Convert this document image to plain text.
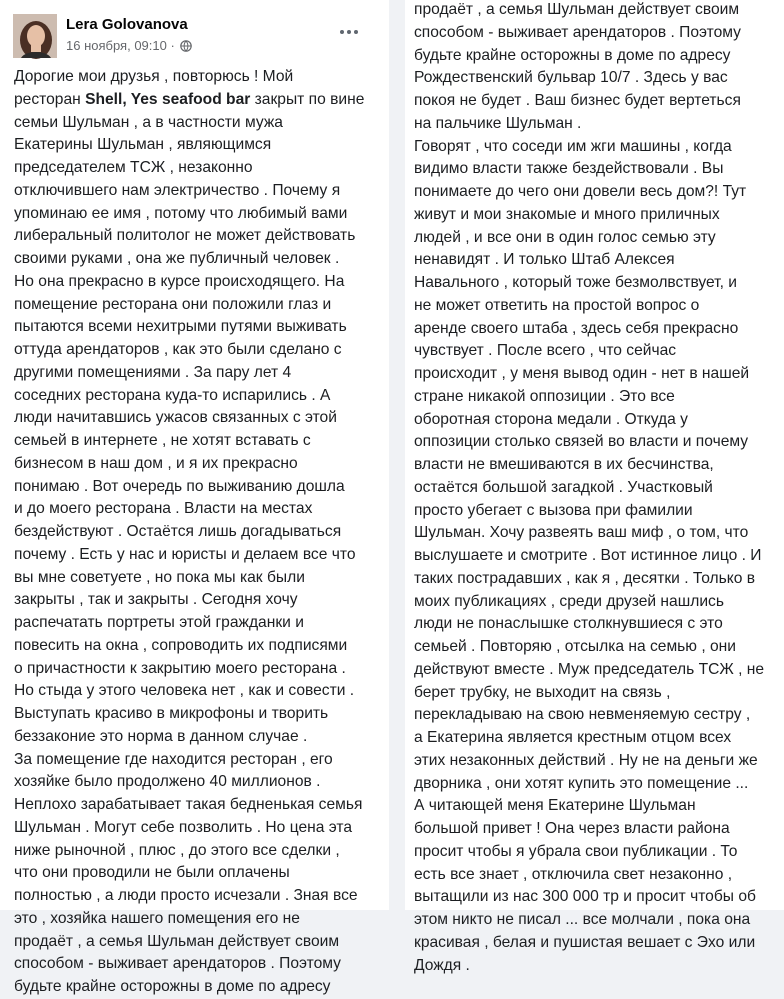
Lera Golovanova
16 ноября, 09:10 ·
Дорогие мои друзья , повторюсь ! Мой
ресторан Shell, Yes seafood bar закрыт по вине
семьи Шульман , а в частности мужа
Екатерины Шульман , являющимся
председателем ТСЖ , незаконно
отключившего нам электричество . Почему я
упоминаю ее имя , потому что любимый вами
либеральный политолог не может действовать
своими руками , она же публичный человек .
Но она прекрасно в курсе происходящего. На
помещение ресторана они положили глаз и
пытаются всеми нехитрыми путями выживать
оттуда арендаторов , как это были сделано с
другими помещениями . За пару лет 4
соседних ресторана куда-то испарились . А
люди начитавшись ужасов связанных с этой
семьей в интернете , не хотят вставать с
бизнесом в наш дом , и я их прекрасно
понимаю . Вот очередь по выживанию дошла
и до моего ресторана . Власти на местах
бездействуют . Остаётся лишь догадываться
почему . Есть у нас и юристы и делаем все что
вы мне советуете , но пока мы как были
закрыты , так и закрыты . Сегодня хочу
распечатать портреты этой гражданки и
повесить на окна , сопроводить их подписями
о причастности к закрытию моего ресторана .
Но стыда у этого человека нет , как и совести .
Выступать красиво в микрофоны и творить
беззаконие это норма в данном случае .
За помещение где находится ресторан , его
хозяйке было продолжено 40 миллионов .
Неплохо зарабатывает такая бедненькая семья
Шульман . Могут себе позволить . Но цена эта
ниже рыночной , плюс , до этого все сделки ,
что они проводили не были оплачены
полностью , а люди просто исчезали . Зная все
это , хозяйка нашего помещения его не
продаёт , а семья Шульман действует своим
способом - выживает арендаторов . Поэтому
будьте крайне осторожны в доме по адресу
продаёт , а семья Шульман действует своим
способом - выживает арендаторов . Поэтому
будьте крайне осторожны в доме по адресу
Рождественский бульвар 10/7 . Здесь у вас
покоя не будет . Ваш бизнес будет вертеться
на пальчике Шульман .
Говорят , что соседи им жги машины , когда
видимо власти также бездействовали . Вы
понимаете до чего они довели весь дом?! Тут
живут и мои знакомые и много приличных
людей , и все они в один голос семью эту
ненавидят . И только Штаб Алексея
Навального , который тоже безмолвствует, и
не может ответить на простой вопрос о
аренде своего штаба , здесь себя прекрасно
чувствует . После всего , что сейчас
происходит , у меня вывод один - нет в нашей
стране никакой оппозиции . Это все
оборотная сторона медали . Откуда у
оппозиции столько связей во власти и почему
власти не вмешиваются в их бесчинства,
остаётся большой загадкой . Участковый
просто убегает с вызова при фамилии
Шульман. Хочу развеять ваш миф , о том, что
выслушаете и смотрите . Вот истинное лицо . И
таких пострадавших , как я , десятки . Только в
моих публикациях , среди друзей нашлись
люди не понаслышке столкнувшиеся с это
семьей . Повторяю , отсылка на семью , они
действуют вместе . Муж председатель ТСЖ , не
берет трубку, не выходит на связь ,
перекладываю на свою невменяемую сестру ,
а Екатерина является крестным отцом всех
этих незаконных действий . Ну не на деньги же
дворника , они хотят купить это помещение ...
А читающей меня Екатерине Шульман
большой привет ! Она через власти района
просит чтобы я убрала свои публикации . То
есть все знает , отключила свет незаконно ,
вытащили из нас 300 000 тр и просит чтобы об
этом никто не писал ... все молчали , пока она
красивая , белая и пушистая вешает с Эхо или
Дождя .
